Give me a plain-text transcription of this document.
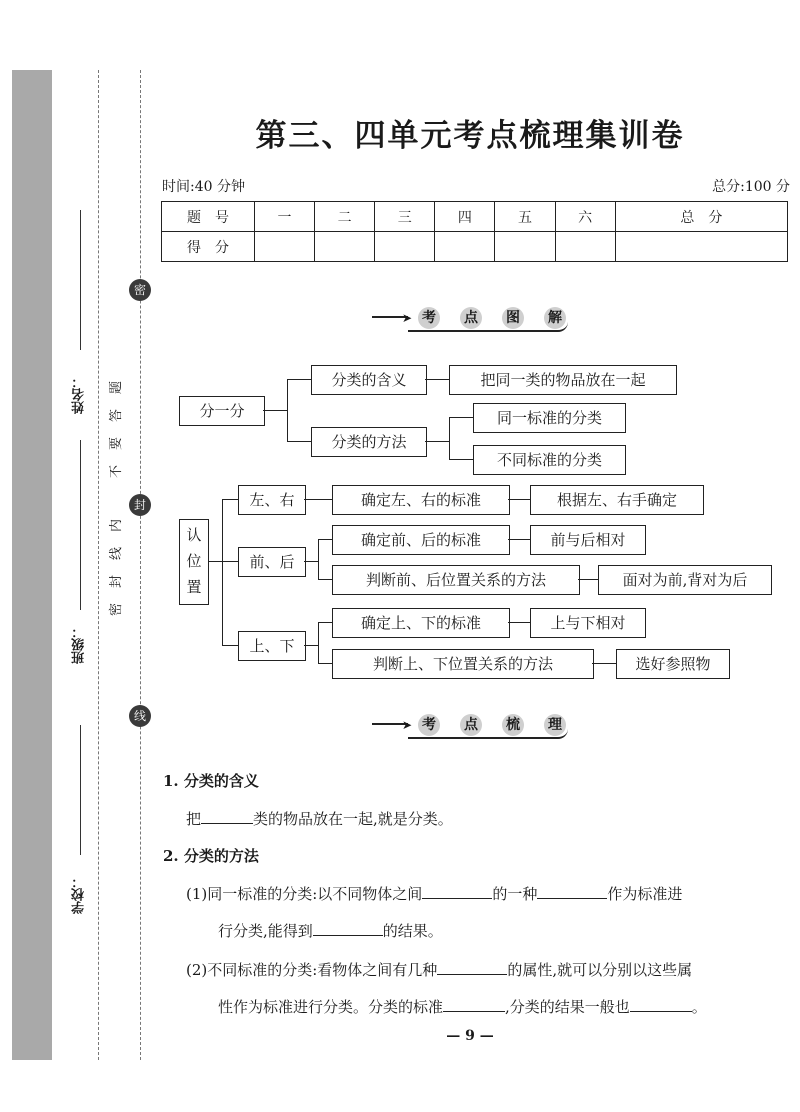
姓名：
班级：
学校：
密
封
线
题
答
要
不
内
线
封
密
第三、四单元考点梳理集训卷
时间:40 分钟	总分:100 分
题　号	一	二	三	四	五	六	总　分
得　分							
➤ 考 点 图 解
分一分
分类的含义	把同一类的物品放在一起
分类的方法
同一标准的分类
不同标准的分类
认
位
置
左、右	确定左、右的标准	根据左、右手确定
前、后
确定前、后的标准	前与后相对
判断前、后位置关系的方法	面对为前,背对为后
上、下
确定上、下的标准	上与下相对
判断上、下位置关系的方法	选好参照物
➤ 考 点 梳 理
1. 分类的含义
把	类的物品放在一起,就是分类。
2. 分类的方法
(1)同一标准的分类:以不同物体之间	的一种	作为标准进
行分类,能得到	的结果。
(2)不同标准的分类:看物体之间有几种	的属性,就可以分别以这些属
性作为标准进行分类。分类的标准	,分类的结果一般也	。
— 9 —
